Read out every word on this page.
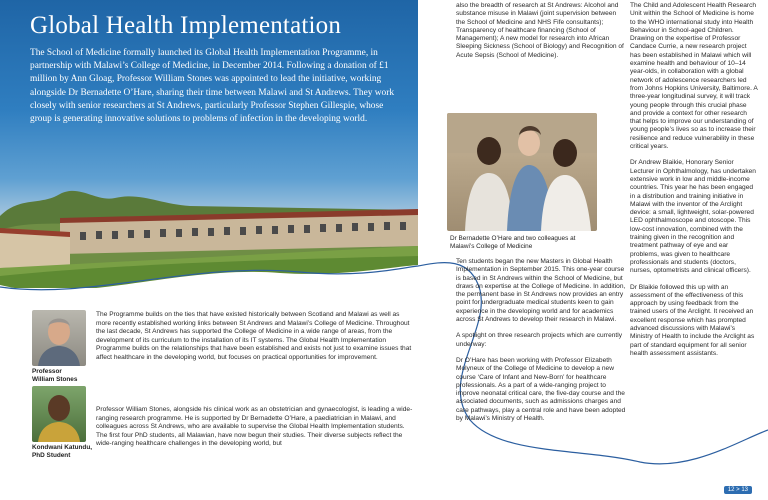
Global Health Implementation
The School of Medicine formally launched its Global Health Implementation Programme, in partnership with Malawi’s College of Medicine, in December 2014. Following a donation of £1 million by Ann Gloag, Professor William Stones was appointed to lead the initiative, working alongside Dr Bernadette O’Hare, sharing their time between Malawi and St Andrews. They work closely with senior researchers at St Andrews, particularly Professor Stephen Gillespie, whose group is generating innovative solutions to problems of infection in the developing world.
Professor
William Stones
Kondwani Katundu,
PhD Student
The Programme builds on the ties that have existed historically between Scotland and Malawi as well as more recently established working links between St Andrews and Malawi’s College of Medicine. Throughout the last decade, St Andrews has supported the College of Medicine in a wide range of areas, from the development of its curriculum to the installation of its IT systems. The Global Health Implementation Programme builds on the relationships that have been established and exists not just to examine issues that affect healthcare in the developing world, but focuses on practical opportunities for improvement.
Professor William Stones, alongside his clinical work as an obstetrician and gynaecologist, is leading a wide-ranging research programme. He is supported by Dr Bernadette O’Hare, a paediatrician in Malawi, and colleagues across St Andrews, who are available to supervise the Global Health Implementation students. The first four PhD students, all Malawian, have now begun their studies. Their diverse subjects reflect the wide-ranging healthcare challenges in the developing world, but
also the breadth of research at St Andrews: Alcohol and substance misuse in Malawi (joint supervision between the School of Medicine and NHS Fife consultants); Transparency of healthcare financing (School of Management); A new model for research into African Sleeping Sickness (School of Biology) and Recognition of Acute Sepsis (School of Medicine).
Dr Bernadette O’Hare and two colleagues at Malawi’s College of Medicine

Ten students began the new Masters in Global Health Implementation in September 2015. This one-year course is based in St Andrews within the School of Medicine, but draws on expertise at the College of Medicine. In addition, the permanent base in St Andrews now provides an entry point for undergraduate medical students keen to gain experience in the developing world and for academics across St Andrews to develop their research in Malawi.

A spotlight on three research projects which are currently underway:

Dr O’Hare has been working with Professor Elizabeth Molyneux of the College of Medicine to develop a new course ‘Care of Infant and New-Born’ for healthcare professionals. As a part of a wide-ranging project to improve neonatal critical care, the five-day course and the associated documents, such as admissions charges and care pathways, play a central role and have been adopted by Malawi’s Ministry of Health.

The Child and Adolescent Health Research Unit within the School of Medicine is home to the WHO international study into Health Behaviour in School-aged Children. Drawing on the expertise of Professor Candace Currie, a new research project has been established in Malawi which will examine health and behaviour of 10–14 year-olds, in collaboration with a global network of adolescence researchers led from Johns Hopkins University, Baltimore. A three-year longitudinal survey, it will track young people through this crucial phase and provide a context for other research that helps to improve our understanding of young people’s lives so as to increase their resilience and reduce vulnerability in these critical years.

Dr Andrew Blaikie, Honorary Senior Lecturer in Ophthalmology, has undertaken extensive work in low and middle-income countries. This year he has been engaged in a distribution and training initiative in Malawi with the inventor of the Arclight device: a small, lightweight, solar-powered LED ophthalmoscope and otoscope. This low-cost innovation, combined with the training given in the recognition and treatment pathway of eye and ear problems, was given to healthcare professionals and students (doctors, nurses, optometrists and clinical officers).

Dr Blaikie followed this up with an assessment of the effectiveness of this approach by using feedback from the trained users of the Arclight. It received an excellent response which has prompted advanced discussions with Malawi’s Ministry of Health to include the Arclight as part of standard equipment for all senior health assessment assistants.

12 > 13
